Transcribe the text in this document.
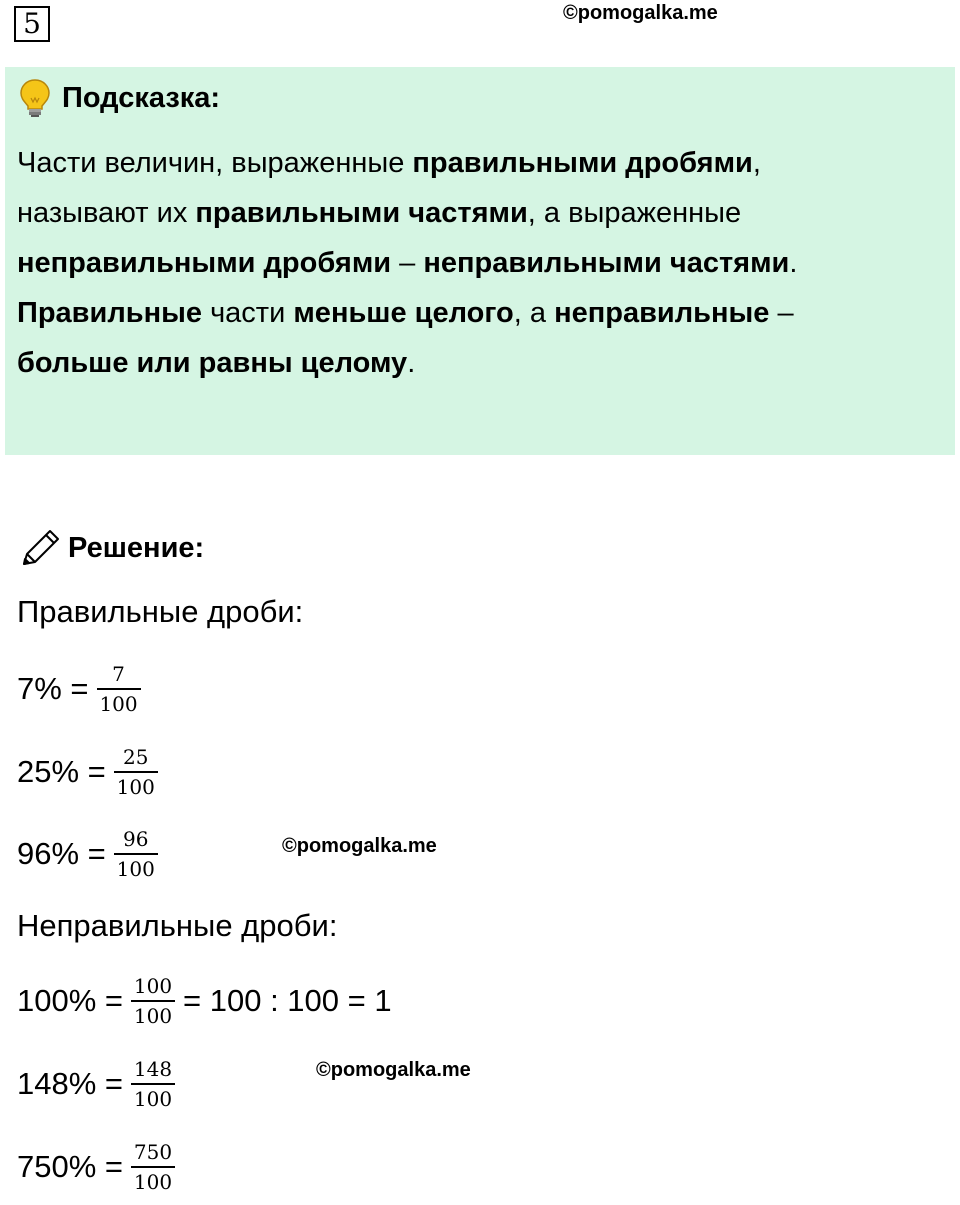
5	©pomogalka.me
Подсказка:
Части величин, выраженные правильными дробями,
называют их правильными частями, а выраженные
неправильными дробями – неправильными частями.
Правильные части меньше целого, а неправильные –
больше или равны целому.
Решение:
Правильные дроби:
$7\% = \frac{7}{100}$
$25\% = \frac{25}{100}$
$96\% = \frac{96}{100}$	©pomogalka.me
Неправильные дроби:
$100\% = \frac{100}{100} = 100$ : 100 = 1
$148\% = \frac{148}{100}$	©pomogalka.me
$750\% = \frac{750}{100}$
